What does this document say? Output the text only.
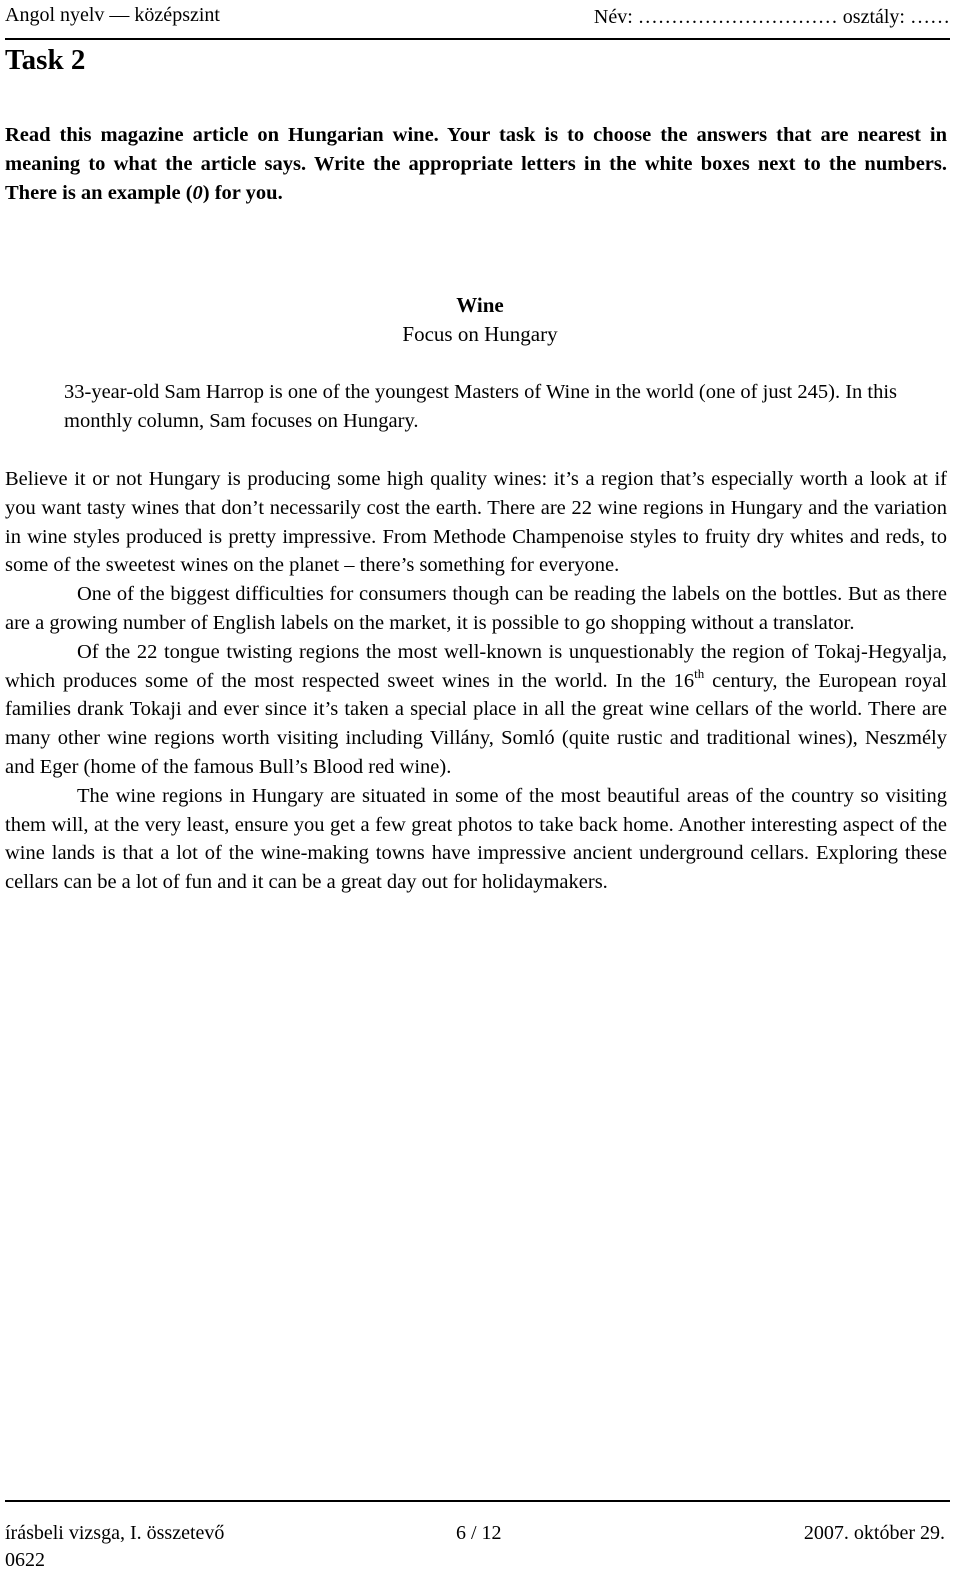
Angol nyelv — középszint	Név: ………………………… osztály: ……
Task 2

Read this magazine article on Hungarian wine. Your task is to choose the answers that are nearest in meaning to what the article says. Write the appropriate letters in the white boxes next to the numbers. There is an example (0) for you.

Wine
Focus on Hungary

33-year-old Sam Harrop is one of the youngest Masters of Wine in the world (one of just 245). In this monthly column, Sam focuses on Hungary.

Believe it or not Hungary is producing some high quality wines: it’s a region that’s especially worth a look at if you want tasty wines that don’t necessarily cost the earth. There are 22 wine regions in Hungary and the variation in wine styles produced is pretty impressive. From Methode Champenoise styles to fruity dry whites and reds, to some of the sweetest wines on the planet – there’s something for everyone.

One of the biggest difficulties for consumers though can be reading the labels on the bottles. But as there are a growing number of English labels on the market, it is possible to go shopping without a translator.

Of the 22 tongue twisting regions the most well-known is unquestionably the region of Tokaj-Hegyalja, which produces some of the most respected sweet wines in the world. In the 16th century, the European royal families drank Tokaji and ever since it’s taken a special place in all the great wine cellars of the world. There are many other wine regions worth visiting including Villány, Somló (quite rustic and traditional wines), Neszmély and Eger (home of the famous Bull’s Blood red wine).

The wine regions in Hungary are situated in some of the most beautiful areas of the country so visiting them will, at the very least, ensure you get a few great photos to take back home. Another interesting aspect of the wine lands is that a lot of the wine-making towns have impressive ancient underground cellars. Exploring these cellars can be a lot of fun and it can be a great day out for holidaymakers.

írásbeli vizsga, I. összetevő	6 / 12	2007. október 29.
0622
